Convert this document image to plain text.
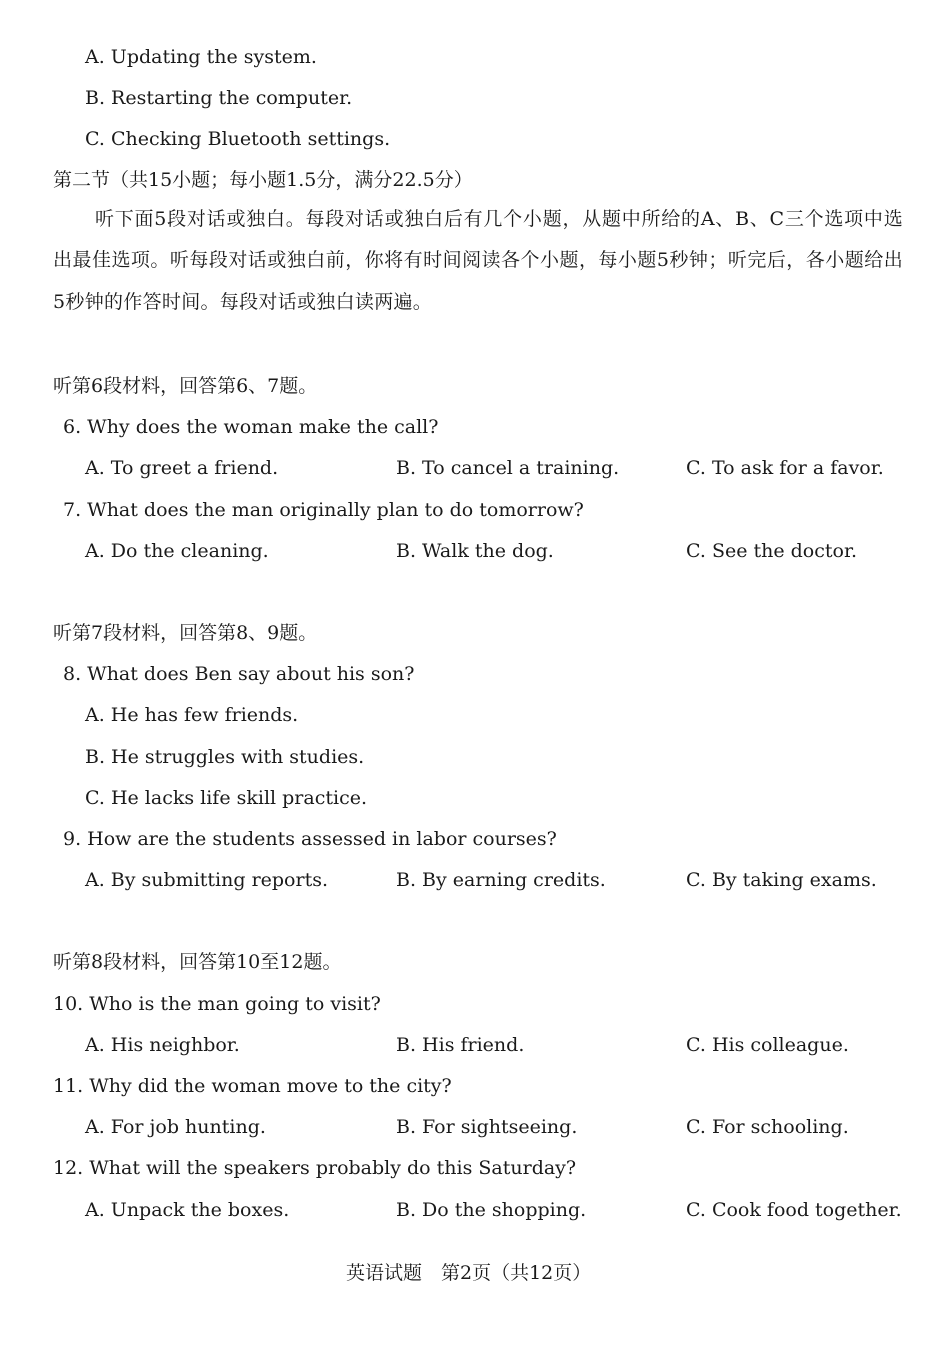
A. Updating the system.
B. Restarting the computer.
C. Checking Bluetooth settings.
第二节（共15小题；每小题1.5分，满分22.5分）
听下面5段对话或独白。每段对话或独白后有几个小题，从题中所给的A、B、C三个选项中选出最佳选项。听每段对话或独白前，你将有时间阅读各个小题，每小题5秒钟；听完后，各小题给出5秒钟的作答时间。每段对话或独白读两遍。
听第6段材料，回答第6、7题。
6. Why does the woman make the call?
A. To greet a friend.	B. To cancel a training.	C. To ask for a favor.
7. What does the man originally plan to do tomorrow?
A. Do the cleaning.	B. Walk the dog.	C. See the doctor.
听第7段材料，回答第8、9题。
8. What does Ben say about his son?
A. He has few friends.
B. He struggles with studies.
C. He lacks life skill practice.
9. How are the students assessed in labor courses?
A. By submitting reports.	B. By earning credits.	C. By taking exams.
听第8段材料，回答第10至12题。
10. Who is the man going to visit?
A. His neighbor.	B. His friend.	C. His colleague.
11. Why did the woman move to the city?
A. For job hunting.	B. For sightseeing.	C. For schooling.
12. What will the speakers probably do this Saturday?
A. Unpack the boxes.	B. Do the shopping.	C. Cook food together.
英语试题　第2页（共12页）
